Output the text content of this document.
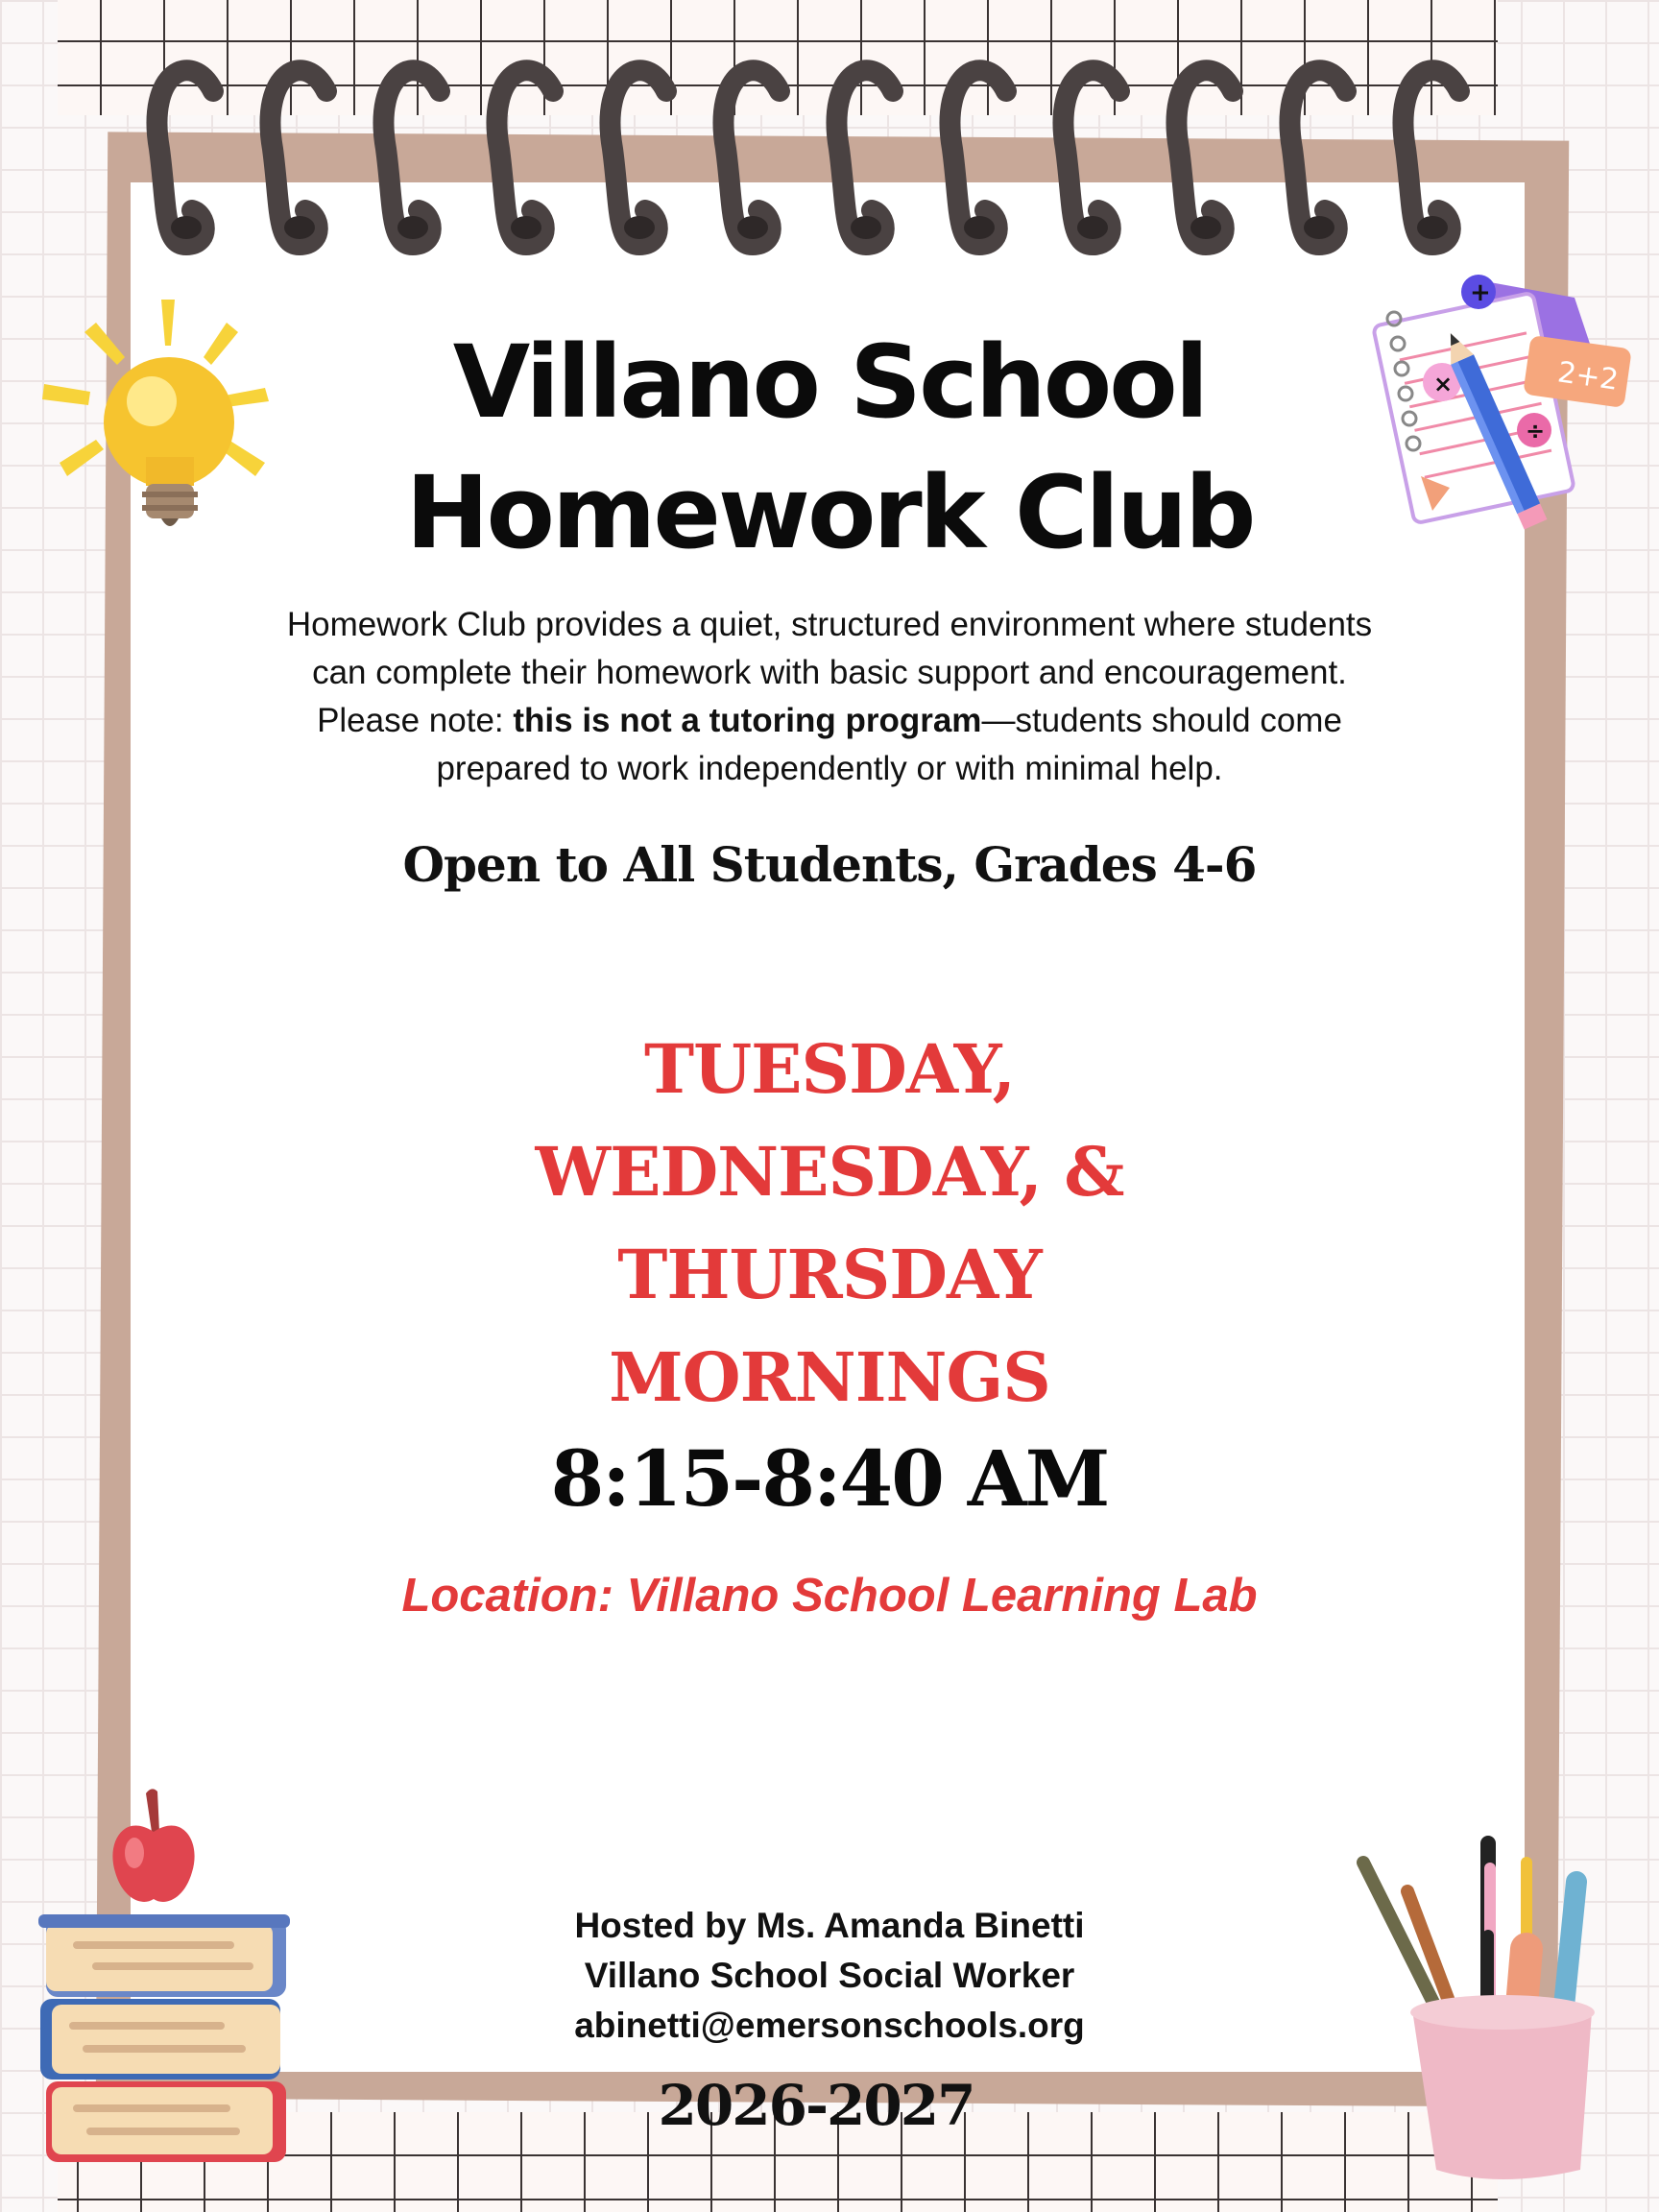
2+2
+
×
÷
Villano School
Homework Club
Homework Club provides a quiet, structured environment where students
can complete their homework with basic support and encouragement.
Please note: this is not a tutoring program—students should come
prepared to work independently or with minimal help.
Open to All Students, Grades 4-6
TUESDAY,
WEDNESDAY, &
THURSDAY
MORNINGS
8:15-8:40 AM
Location: Villano School Learning Lab
Hosted by Ms. Amanda Binetti
Villano School Social Worker
abinetti@emersonschools.org
2026-2027
